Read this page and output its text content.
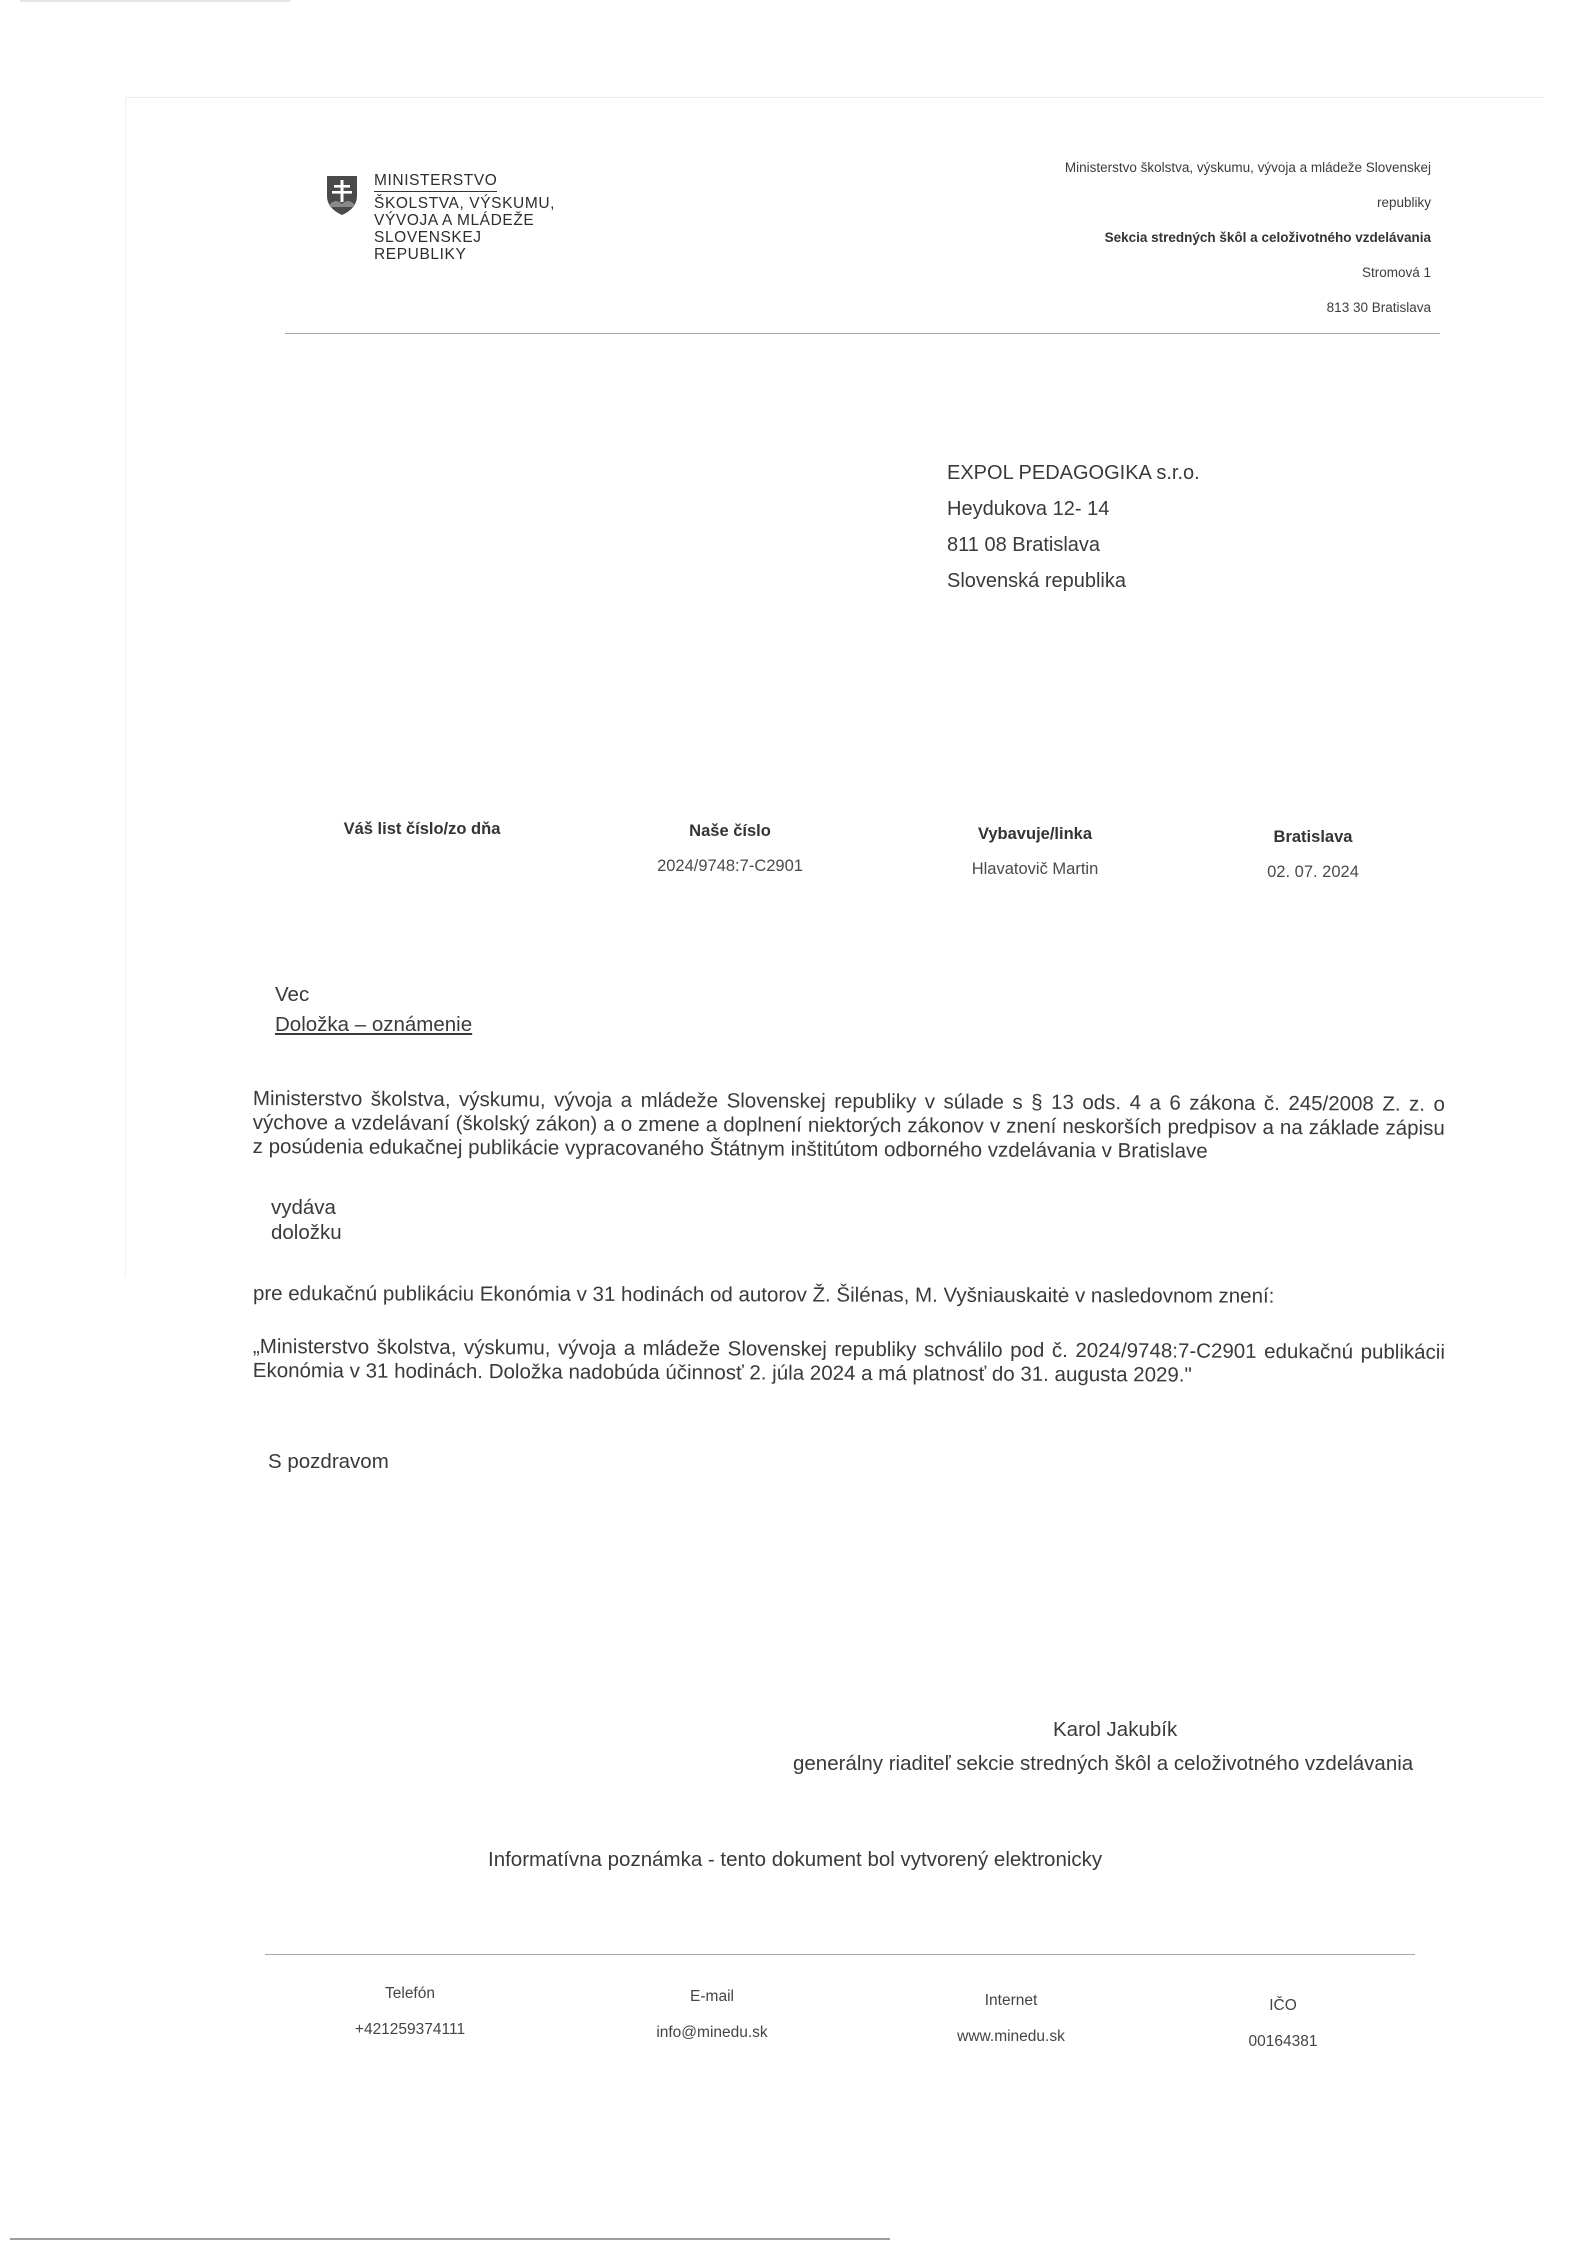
MINISTERSTVO
ŠKOLSTVA, VÝSKUMU,
VÝVOJA A MLÁDEŽE
SLOVENSKEJ REPUBLIKY
Ministerstvo školstva, výskumu, vývoja a mládeže Slovenskej
republiky
Sekcia stredných škôl a celoživotného vzdelávania
Stromová 1
813 30 Bratislava
EXPOL PEDAGOGIKA s.r.o.
Heydukova 12- 14
811 08 Bratislava
Slovenská republika
Váš list číslo/zo dňa	Naše číslo
2024/9748:7-C2901
Vybavuje/linka
Hlavatovič Martin
Bratislava
02. 07. 2024
Vec
Doložka – oznámenie
Ministerstvo školstva, výskumu, vývoja a mládeže Slovenskej republiky v súlade s § 13 ods. 4 a 6 zákona č. 245/2008 Z. z. o výchove a vzdelávaní (školský zákon) a o zmene a doplnení niektorých zákonov v znení neskorších predpisov a na základe zápisu z posúdenia edukačnej publikácie vypracovaného Štátnym inštitútom odborného vzdelávania v Bratislave
vydáva
doložku
pre edukačnú publikáciu Ekonómia v 31 hodinách od autorov Ž. Šilénas, M. Vyšniauskaitė v nasledovnom znení:
„Ministerstvo školstva, výskumu, vývoja a mládeže Slovenskej republiky schválilo pod č. 2024/9748:7-C2901 edukačnú publikácii Ekonómia v 31 hodinách. Doložka nadobúda účinnosť 2. júla 2024 a má platnosť do 31. augusta 2029."
S pozdravom
Karol Jakubík
generálny riaditeľ sekcie stredných škôl a celoživotného vzdelávania
Informatívna poznámka - tento dokument bol vytvorený elektronicky
Telefón
+421259374111
E-mail
info@minedu.sk
Internet
www.minedu.sk
IČO
00164381
